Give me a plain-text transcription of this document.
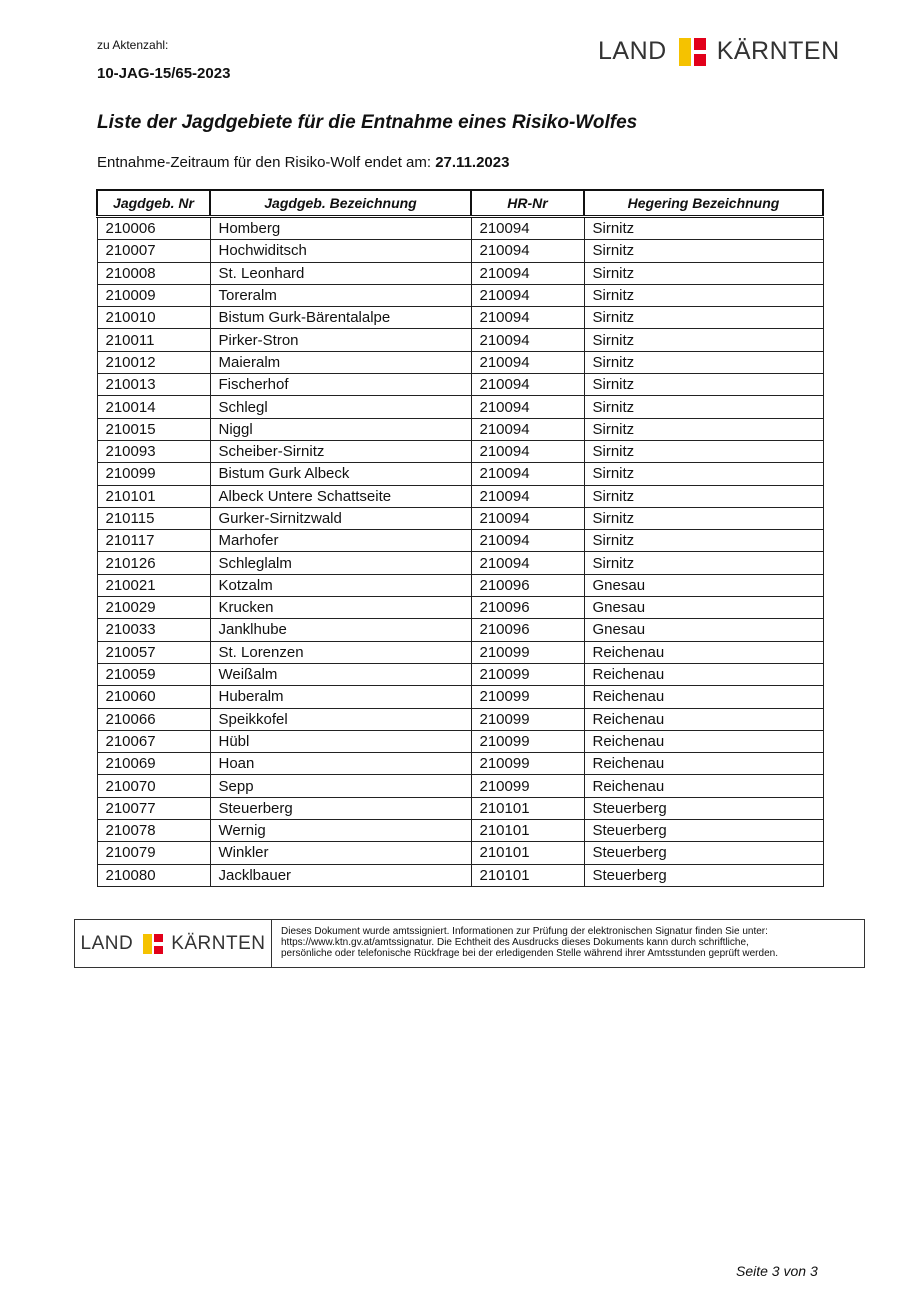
zu Aktenzahl:
10-JAG-15/65-2023
LAND KÄRNTEN
Liste der Jagdgebiete für die Entnahme eines Risiko-Wolfes
Entnahme-Zeitraum für den Risiko-Wolf endet am: 27.11.2023
Jagdgeb. Nr	Jagdgeb. Bezeichnung	HR-Nr	Hegering Bezeichnung
210006	Homberg	210094	Sirnitz
210007	Hochwiditsch	210094	Sirnitz
210008	St. Leonhard	210094	Sirnitz
210009	Toreralm	210094	Sirnitz
210010	Bistum Gurk-Bärentalalpe	210094	Sirnitz
210011	Pirker-Stron	210094	Sirnitz
210012	Maieralm	210094	Sirnitz
210013	Fischerhof	210094	Sirnitz
210014	Schlegl	210094	Sirnitz
210015	Niggl	210094	Sirnitz
210093	Scheiber-Sirnitz	210094	Sirnitz
210099	Bistum Gurk Albeck	210094	Sirnitz
210101	Albeck Untere Schattseite	210094	Sirnitz
210115	Gurker-Sirnitzwald	210094	Sirnitz
210117	Marhofer	210094	Sirnitz
210126	Schleglalm	210094	Sirnitz
210021	Kotzalm	210096	Gnesau
210029	Krucken	210096	Gnesau
210033	Janklhube	210096	Gnesau
210057	St. Lorenzen	210099	Reichenau
210059	Weißalm	210099	Reichenau
210060	Huberalm	210099	Reichenau
210066	Speikkofel	210099	Reichenau
210067	Hübl	210099	Reichenau
210069	Hoan	210099	Reichenau
210070	Sepp	210099	Reichenau
210077	Steuerberg	210101	Steuerberg
210078	Wernig	210101	Steuerberg
210079	Winkler	210101	Steuerberg
210080	Jacklbauer	210101	Steuerberg
LAND KÄRNTEN
Dieses Dokument wurde amtssigniert. Informationen zur Prüfung der elektronischen Signatur finden Sie unter:
https://www.ktn.gv.at/amtssignatur. Die Echtheit des Ausdrucks dieses Dokuments kann durch schriftliche,
persönliche oder telefonische Rückfrage bei der erledigenden Stelle während ihrer Amtsstunden geprüft werden.
Seite 3 von 3
